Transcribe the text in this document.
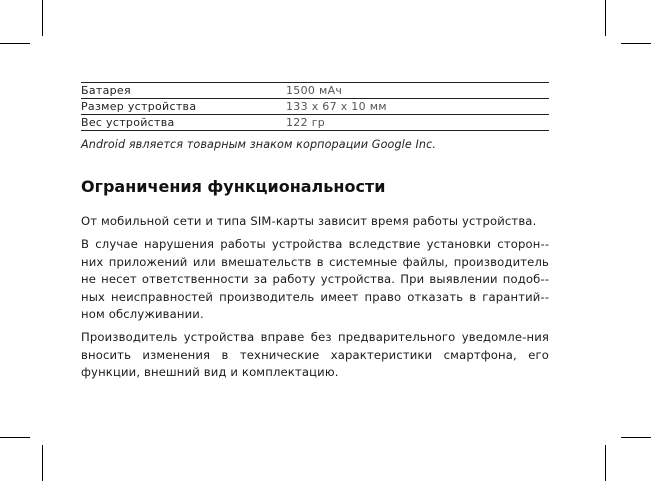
Батарея	1500 мАч
Размер устройства	133 х 67 х 10 мм
Вес устройства	122 гр
Android является товарным знаком корпорации Google Inc.
Ограничения функциональности

От мобильной сети и типа SIM-карты зависит время работы устройства.

В случае нарушения работы устройства вследствие установки сторон-них приложений или вмешательств в системные файлы, производитель не несет ответственности за работу устройства. При выявлении подоб-ных неисправностей производитель имеет право отказать в гарантий-ном обслуживании.

Производитель устройства вправе без предварительного уведомле-ния вносить изменения в технические характеристики смартфона, его функции, внешний вид и комплектацию.
